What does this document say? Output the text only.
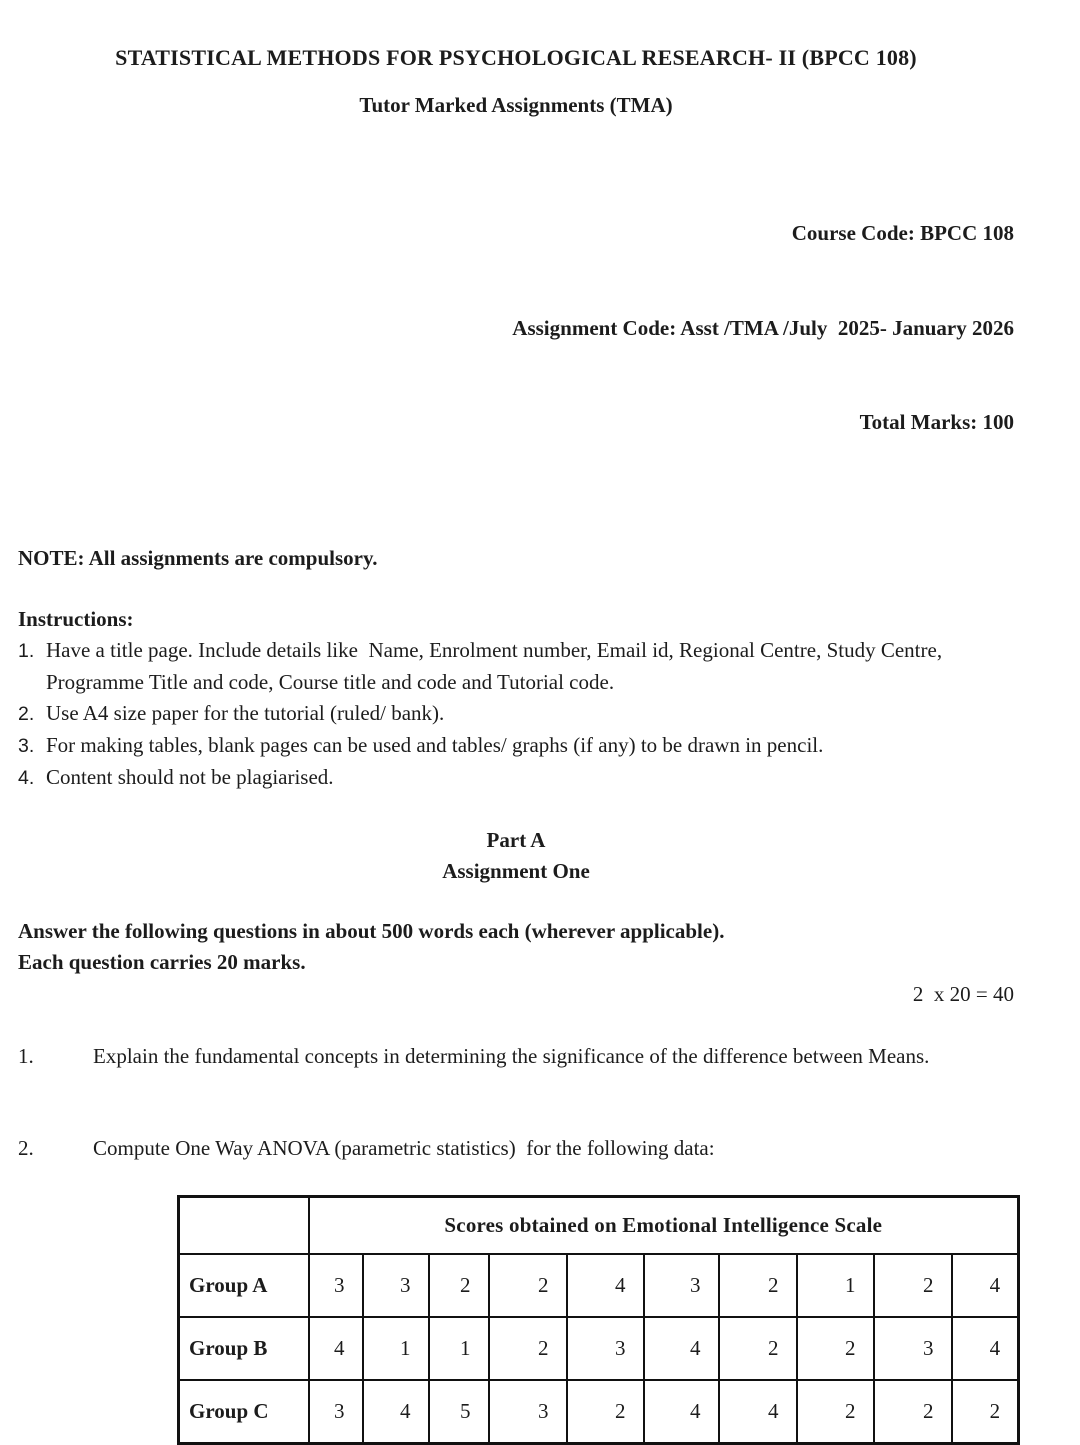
STATISTICAL METHODS FOR PSYCHOLOGICAL RESEARCH- II (BPCC 108)
Tutor Marked Assignments (TMA)

Course Code: BPCC 108

Assignment Code: Asst /TMA /July  2025- January 2026

Total Marks: 100

NOTE: All assignments are compulsory.
Instructions:
1. Have a title page. Include details like  Name, Enrolment number, Email id, Regional Centre, Study Centre, Programme Title and code, Course title and code and Tutorial code.
2. Use A4 size paper for the tutorial (ruled/ bank).
3. For making tables, blank pages can be used and tables/ graphs (if any) to be drawn in pencil.
4. Content should not be plagiarised.
Part A
Assignment One
Answer the following questions in about 500 words each (wherever applicable).
Each question carries 20 marks.
2  x 20 = 40
1.	Explain the fundamental concepts in determining the significance of the difference between Means.
2.	Compute One Way ANOVA (parametric statistics)  for the following data:
	Scores obtained on Emotional Intelligence Scale									
Group A	3	3	2	2	4	3	2	1	2	4
Group B	4	1	1	2	3	4	2	2	3	4
Group C	3	4	5	3	2	4	4	2	2	2
